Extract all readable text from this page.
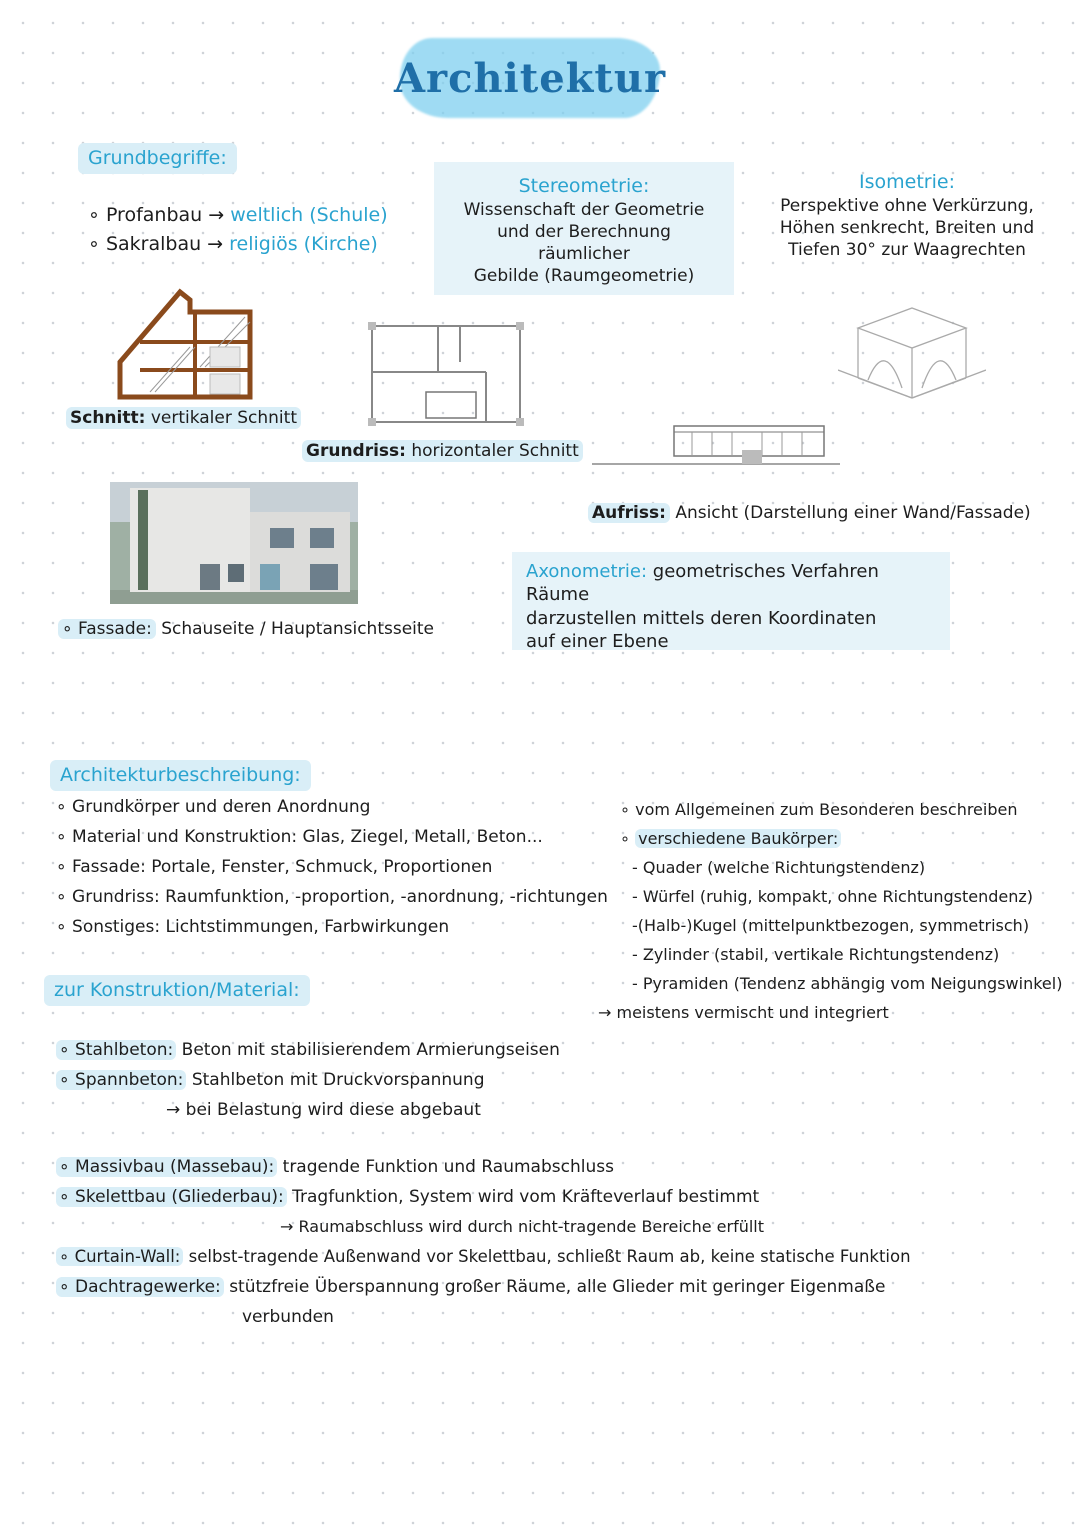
Architektur
Grundbegriffe:
∘ Profanbau → weltlich (Schule)
∘ Sakralbau → religiös (Kirche)
Stereometrie:
Wissenschaft der Geometrie
und der Berechnung räumlicher
Gebilde (Raumgeometrie)
Isometrie:
Perspektive ohne Verkürzung,
Höhen senkrecht, Breiten und
Tiefen 30° zur Waagrechten
Schnitt: vertikaler Schnitt
Grundriss: horizontaler Schnitt
Aufriss: Ansicht (Darstellung einer Wand/Fassade)
∘ Fassade: Schauseite / Hauptansichtsseite
Axonometrie: geometrisches Verfahren Räume
darzustellen mittels deren Koordinaten
auf einer Ebene
Architekturbeschreibung:
∘ Grundkörper und deren Anordnung
∘ Material und Konstruktion: Glas, Ziegel, Metall, Beton...
∘ Fassade: Portale, Fenster, Schmuck, Proportionen
∘ Grundriss: Raumfunktion, -proportion, -anordnung, -richtungen
∘ Sonstiges: Lichtstimmungen, Farbwirkungen
∘ vom Allgemeinen zum Besonderen beschreiben
∘ verschiedene Baukörper:
- Quader (welche Richtungstendenz)
- Würfel (ruhig, kompakt, ohne Richtungstendenz)
-(Halb-)Kugel (mittelpunktbezogen, symmetrisch)
- Zylinder (stabil, vertikale Richtungstendenz)
- Pyramiden (Tendenz abhängig vom Neigungswinkel)
→ meistens vermischt und integriert
zur Konstruktion/Material:
∘ Stahlbeton: Beton mit stabilisierendem Armierungseisen
∘ Spannbeton: Stahlbeton mit Druckvorspannung
→ bei Belastung wird diese abgebaut
∘ Massivbau (Massebau): tragende Funktion und Raumabschluss
∘ Skelettbau (Gliederbau): Tragfunktion, System wird vom Kräfteverlauf bestimmt
→ Raumabschluss wird durch nicht-tragende Bereiche erfüllt
∘ Curtain-Wall: selbst-tragende Außenwand vor Skelettbau, schließt Raum ab, keine statische Funktion
∘ Dachtragewerke: stützfreie Überspannung großer Räume, alle Glieder mit geringer Eigenmaße
verbunden
